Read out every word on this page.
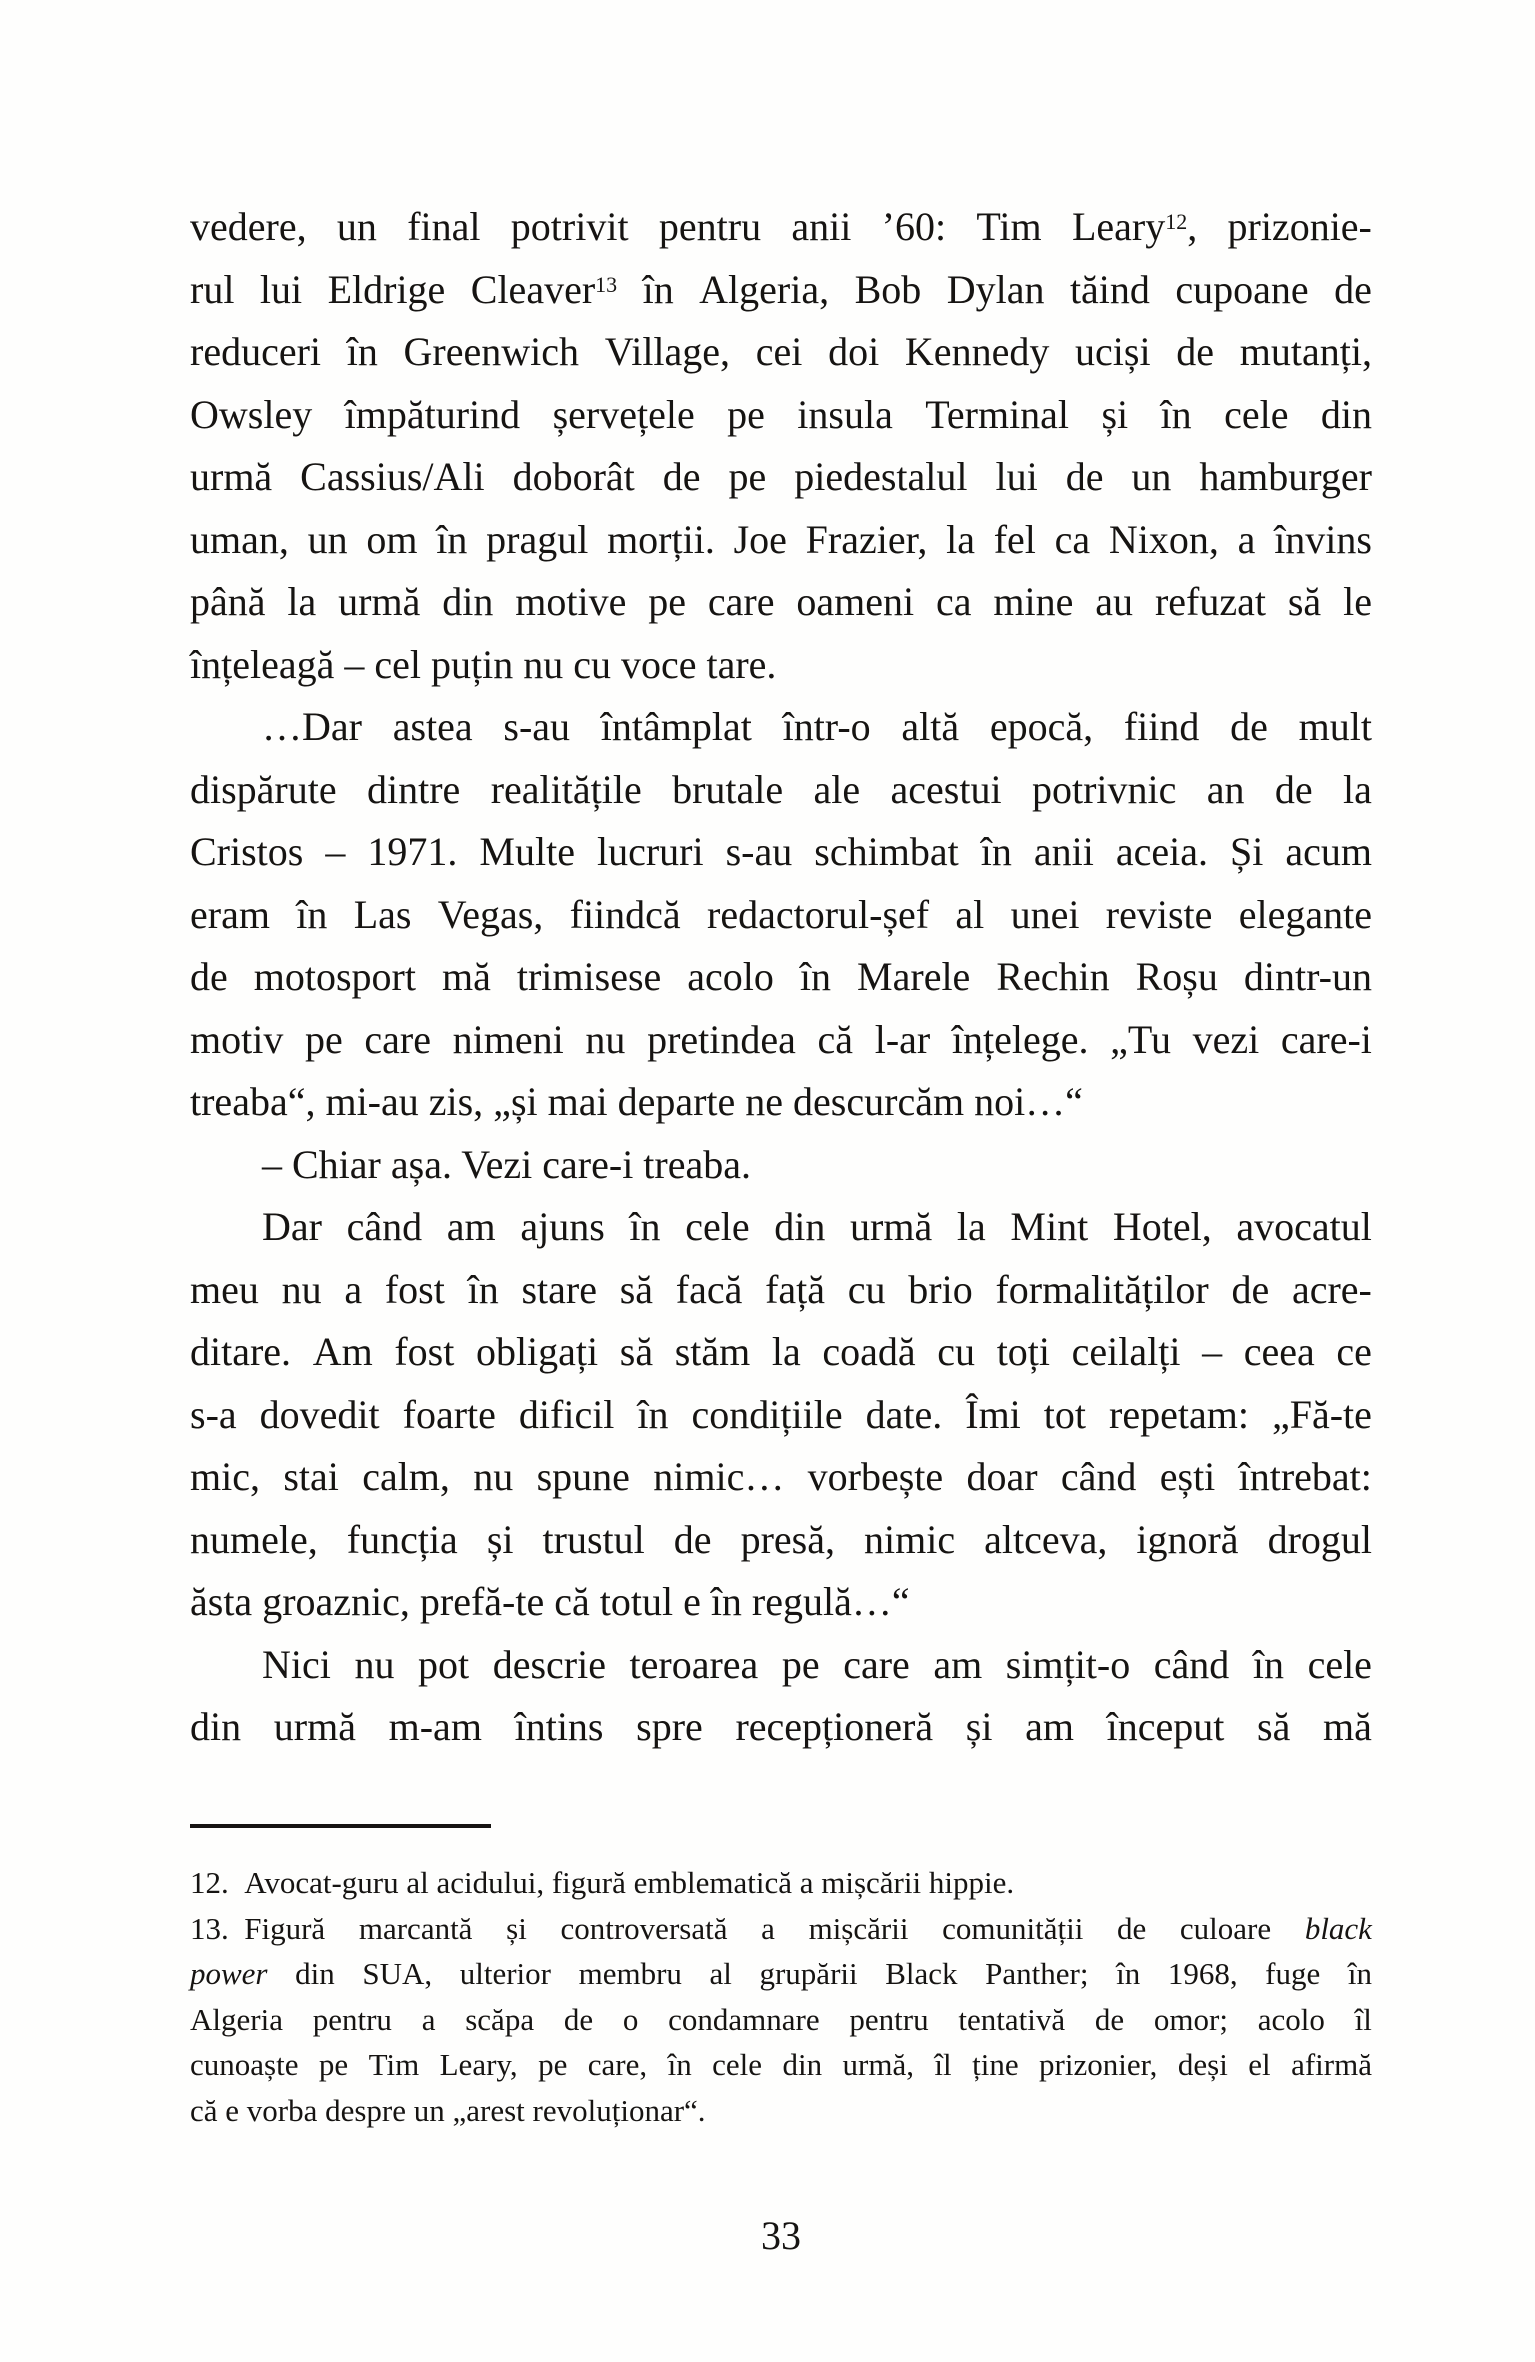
vedere, un final potrivit pentru anii ’60: Tim Leary$^{12}$, prizonie-
rul lui Eldrige Cleaver$^{13}$ în Algeria, Bob Dylan tăind cupoane de
reduceri în Greenwich Village, cei doi Kennedy uciși de mutanți,
Owsley împăturind șervețele pe insula Terminal și în cele din
urmă Cassius/Ali doborât de pe piedestalul lui de un hamburger
uman, un om în pragul morții. Joe Frazier, la fel ca Nixon, a învins
până la urmă din motive pe care oameni ca mine au refuzat să le
înțeleagă – cel puțin nu cu voce tare.
…Dar astea s-au întâmplat într-o altă epocă, fiind de mult
dispărute dintre realitățile brutale ale acestui potrivnic an de la
Cristos – 1971. Multe lucruri s-au schimbat în anii aceia. Și acum
eram în Las Vegas, fiindcă redactorul-șef al unei reviste elegante
de motosport mă trimisese acolo în Marele Rechin Roșu dintr-un
motiv pe care nimeni nu pretindea că l-ar înțelege. „Tu vezi care-i
treaba“, mi-au zis, „și mai departe ne descurcăm noi…“
– Chiar așa. Vezi care-i treaba.
Dar când am ajuns în cele din urmă la Mint Hotel, avocatul
meu nu a fost în stare să facă față cu brio formalităților de acre-
ditare. Am fost obligați să stăm la coadă cu toți ceilalți – ceea ce
s-a dovedit foarte dificil în condițiile date. Îmi tot repetam: „Fă-te
mic, stai calm, nu spune nimic… vorbește doar când ești întrebat:
numele, funcția și trustul de presă, nimic altceva, ignoră drogul
ăsta groaznic, prefă-te că totul e în regulă…“
Nici nu pot descrie teroarea pe care am simțit-o când în cele
din urmă m-am întins spre recepționeră și am început să mă
12. Avocat-guru al acidului, figură emblematică a mișcării hippie.
13. Figură marcantă și controversată a mișcării comunității de culoare black
power din SUA, ulterior membru al grupării Black Panther; în 1968, fuge în
Algeria pentru a scăpa de o condamnare pentru tentativă de omor; acolo îl
cunoaște pe Tim Leary, pe care, în cele din urmă, îl ține prizonier, deși el afirmă
că e vorba despre un „arest revoluționar“.
33
